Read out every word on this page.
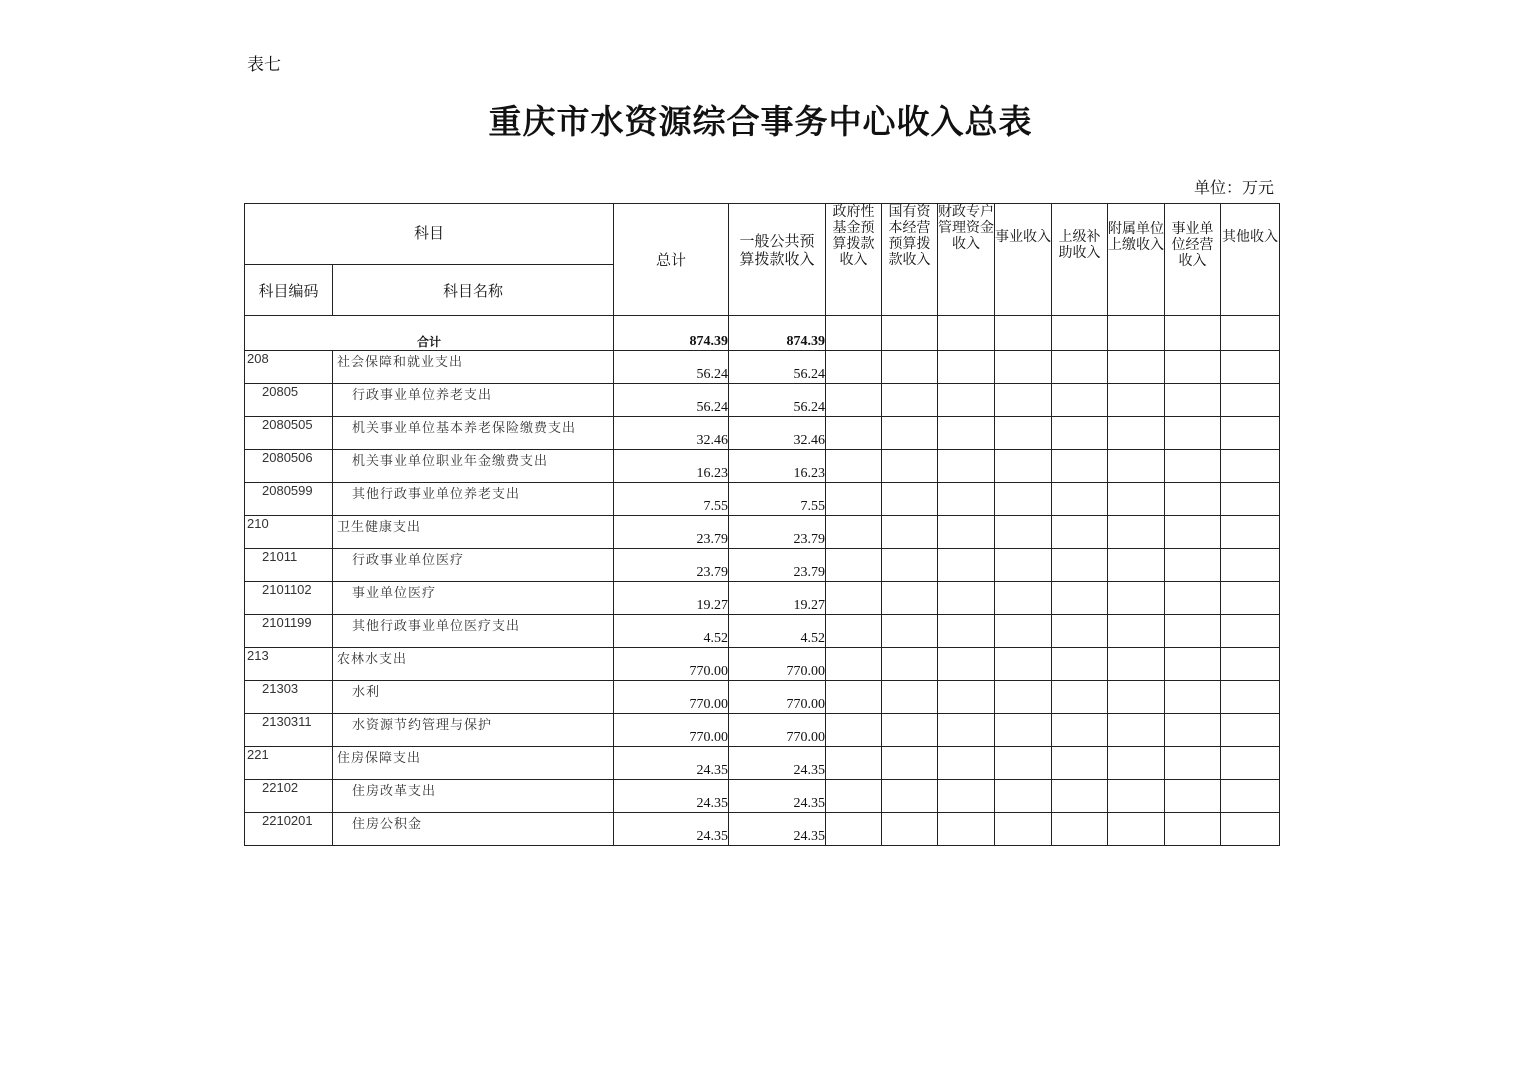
表七
重庆市水资源综合事务中心收入总表
单位：万元
科目		总计	一般公共预算拨款收入	政府性基金预算拨款收入	国有资本经营预算拨款收入	财政专户管理资金收入	事业收入	上级补助收入	附属单位上缴收入	事业单位经营收入	其他收入
科目编码	科目名称										
合计		874.39	874.39								
208	社会保障和就业支出	56.24	56.24								
20805	行政事业单位养老支出	56.24	56.24								
2080505	机关事业单位基本养老保险缴费支出	32.46	32.46								
2080506	机关事业单位职业年金缴费支出	16.23	16.23								
2080599	其他行政事业单位养老支出	7.55	7.55								
210	卫生健康支出	23.79	23.79								
21011	行政事业单位医疗	23.79	23.79								
2101102	事业单位医疗	19.27	19.27								
2101199	其他行政事业单位医疗支出	4.52	4.52								
213	农林水支出	770.00	770.00								
21303	水利	770.00	770.00								
2130311	水资源节约管理与保护	770.00	770.00								
221	住房保障支出	24.35	24.35								
22102	住房改革支出	24.35	24.35								
2210201	住房公积金	24.35	24.35								
